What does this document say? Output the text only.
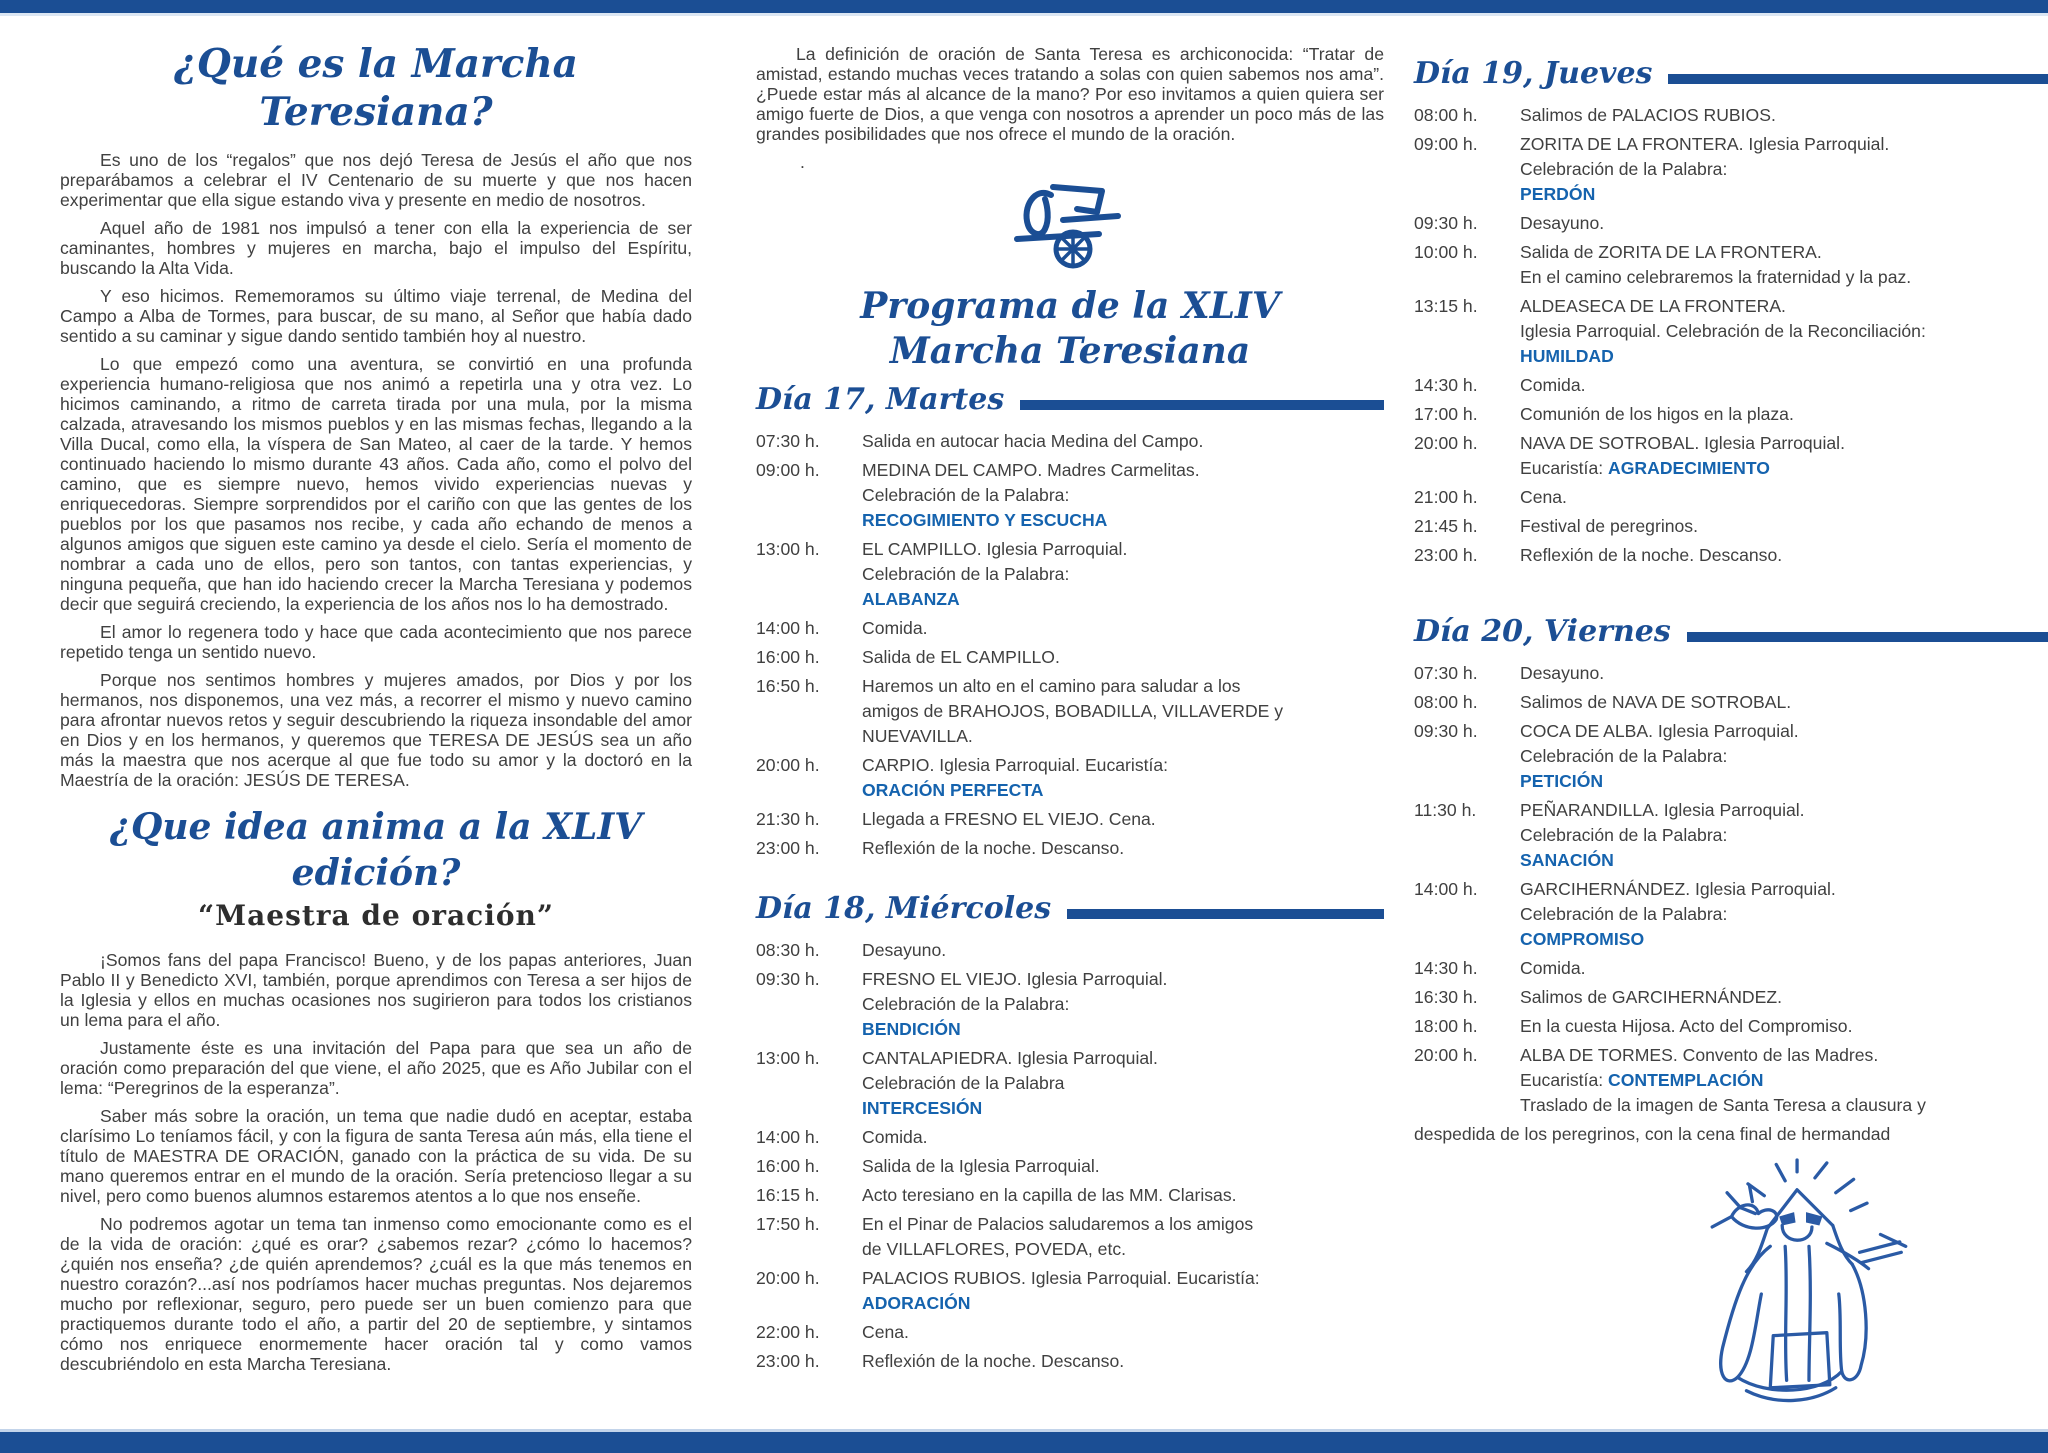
¿Qué es la Marcha Teresiana?

Es uno de los “regalos” que nos dejó Teresa de Jesús el año que nos preparábamos a celebrar el IV Centenario de su muerte y que nos hacen experimentar que ella sigue estando viva y presente en medio de nosotros.

Aquel año de 1981 nos impulsó a tener con ella la experiencia de ser caminantes, hombres y mujeres en marcha, bajo el impulso del Espíritu, buscando la Alta Vida.

Y eso hicimos. Rememoramos su último viaje terrenal, de Medina del Campo a Alba de Tormes, para buscar, de su mano, al Señor que había dado sentido a su caminar y sigue dando sentido también hoy al nuestro.

Lo que empezó como una aventura, se convirtió en una profunda experiencia humano-religiosa que nos animó a repetirla una y otra vez. Lo hicimos caminando, a ritmo de carreta tirada por una mula, por la misma calzada, atravesando los mismos pueblos y en las mismas fechas, llegando a la Villa Ducal, como ella, la víspera de San Mateo, al caer de la tarde. Y hemos continuado haciendo lo mismo durante 43 años. Cada año, como el polvo del camino, que es siempre nuevo, hemos vivido experiencias nuevas y enriquecedoras. Siempre sorprendidos por el cariño con que las gentes de los pueblos por los que pasamos nos recibe, y cada año echando de menos a algunos amigos que siguen este camino ya desde el cielo. Sería el momento de nombrar a cada uno de ellos, pero son tantos, con tantas experiencias, y ninguna pequeña, que han ido haciendo crecer la Marcha Teresiana y podemos decir que seguirá creciendo, la experiencia de los años nos lo ha demostrado.

El amor lo regenera todo y hace que cada acontecimiento que nos parece repetido tenga un sentido nuevo.

Porque nos sentimos hombres y mujeres amados, por Dios y por los hermanos, nos disponemos, una vez más, a recorrer el mismo y nuevo camino para afrontar nuevos retos y seguir descubriendo la riqueza insondable del amor en Dios y en los hermanos, y queremos que TERESA DE JESÚS sea un año más la maestra que nos acerque al que fue todo su amor y la doctoró en la Maestría de la oración: JESÚS DE TERESA.

¿Que idea anima a la XLIV edición?
“Maestra de oración”

¡Somos fans del papa Francisco! Bueno, y de los papas anteriores, Juan Pablo II y Benedicto XVI, también, porque aprendimos con Teresa a ser hijos de la Iglesia y ellos en muchas ocasiones nos sugirieron para todos los cristianos un lema para el año.

Justamente éste es una invitación del Papa para que sea un año de oración como preparación del que viene, el año 2025, que es Año Jubilar con el lema: “Peregrinos de la esperanza”.

Saber más sobre la oración, un tema que nadie dudó en aceptar, estaba clarísimo Lo teníamos fácil, y con la figura de santa Teresa aún más, ella tiene el título de MAESTRA DE ORACIÓN, ganado con la práctica de su vida. De su mano queremos entrar en el mundo de la oración. Sería pretencioso llegar a su nivel, pero como buenos alumnos estaremos atentos a lo que nos enseñe.

No podremos agotar un tema tan inmenso como emocionante como es el de la vida de oración: ¿qué es orar? ¿sabemos rezar? ¿cómo lo hacemos? ¿quién nos enseña? ¿de quién aprendemos? ¿cuál es la que más tenemos en nuestro corazón?...así nos podríamos hacer muchas preguntas. Nos dejaremos mucho por reflexionar, seguro, pero puede ser un buen comienzo para que practiquemos durante todo el año, a partir del 20 de septiembre, y sintamos cómo nos enriquece enormemente hacer oración tal y como vamos descubriéndolo en esta Marcha Teresiana.

La definición de oración de Santa Teresa es archiconocida: “Tratar de amistad, estando muchas veces tratando a solas con quien sabemos nos ama”. ¿Puede estar más al alcance de la mano? Por eso invitamos a quien quiera ser amigo fuerte de Dios, a que venga con nosotros a aprender un poco más de las grandes posibilidades que nos ofrece el mundo de la oración.

.

Programa de la XLIV
Marcha Teresiana
Día 17, Martes
07:30 h.	Salida en autocar hacia Medina del Campo.
09:00 h.	MEDINA DEL CAMPO. Madres Carmelitas.
Celebración de la Palabra:
RECOGIMIENTO Y ESCUCHA
13:00 h.	EL CAMPILLO. Iglesia Parroquial.
Celebración de la Palabra:
ALABANZA
14:00 h.	Comida.
16:00 h.	Salida de EL CAMPILLO.
16:50 h.	Haremos un alto en el camino para saludar a los
amigos de BRAHOJOS, BOBADILLA, VILLAVERDE y
NUEVAVILLA.
20:00 h.	CARPIO. Iglesia Parroquial. Eucaristía:
ORACIÓN PERFECTA
21:30 h.	Llegada a FRESNO EL VIEJO. Cena.
23:00 h.	Reflexión de la noche. Descanso.
Día 18, Miércoles
08:30 h.	Desayuno.
09:30 h.	FRESNO EL VIEJO. Iglesia Parroquial.
Celebración de la Palabra:
BENDICIÓN
13:00 h.	CANTALAPIEDRA. Iglesia Parroquial.
Celebración de la Palabra
INTERCESIÓN
14:00 h.	Comida.
16:00 h.	Salida de la Iglesia Parroquial.
16:15 h.	Acto teresiano en la capilla de las MM. Clarisas.
17:50 h.	En el Pinar de Palacios saludaremos a los amigos
de VILLAFLORES, POVEDA, etc.
20:00 h.	PALACIOS RUBIOS. Iglesia Parroquial. Eucaristía:
ADORACIÓN
22:00 h.	Cena.
23:00 h.	Reflexión de la noche. Descanso.
Día 19, Jueves
08:00 h.	Salimos de PALACIOS RUBIOS.
09:00 h.	ZORITA DE LA FRONTERA. Iglesia Parroquial.
Celebración de la Palabra:
PERDÓN
09:30 h.	Desayuno.
10:00 h.	Salida de ZORITA DE LA FRONTERA.
En el camino celebraremos la fraternidad y la paz.
13:15 h.	ALDEASECA DE LA FRONTERA.
Iglesia Parroquial. Celebración de la Reconciliación:
HUMILDAD
14:30 h.	Comida.
17:00 h.	Comunión de los higos en la plaza.
20:00 h.	NAVA DE SOTROBAL. Iglesia Parroquial.
Eucaristía: AGRADECIMIENTO
21:00 h.	Cena.
21:45 h.	Festival de peregrinos.
23:00 h.	Reflexión de la noche. Descanso.
Día 20, Viernes
07:30 h.	Desayuno.
08:00 h.	Salimos de NAVA DE SOTROBAL.
09:30 h.	COCA DE ALBA. Iglesia Parroquial.
Celebración de la Palabra:
PETICIÓN
11:30 h.	PEÑARANDILLA. Iglesia Parroquial.
Celebración de la Palabra:
SANACIÓN
14:00 h.	GARCIHERNÁNDEZ. Iglesia Parroquial.
Celebración de la Palabra:
COMPROMISO
14:30 h.	Comida.
16:30 h.	Salimos de GARCIHERNÁNDEZ.
18:00 h.	En la cuesta Hijosa. Acto del Compromiso.
20:00 h.	ALBA DE TORMES. Convento de las Madres.
Eucaristía: CONTEMPLACIÓN
Traslado de la imagen de Santa Teresa a clausura y
despedida de los peregrinos, con la cena final de hermandad
